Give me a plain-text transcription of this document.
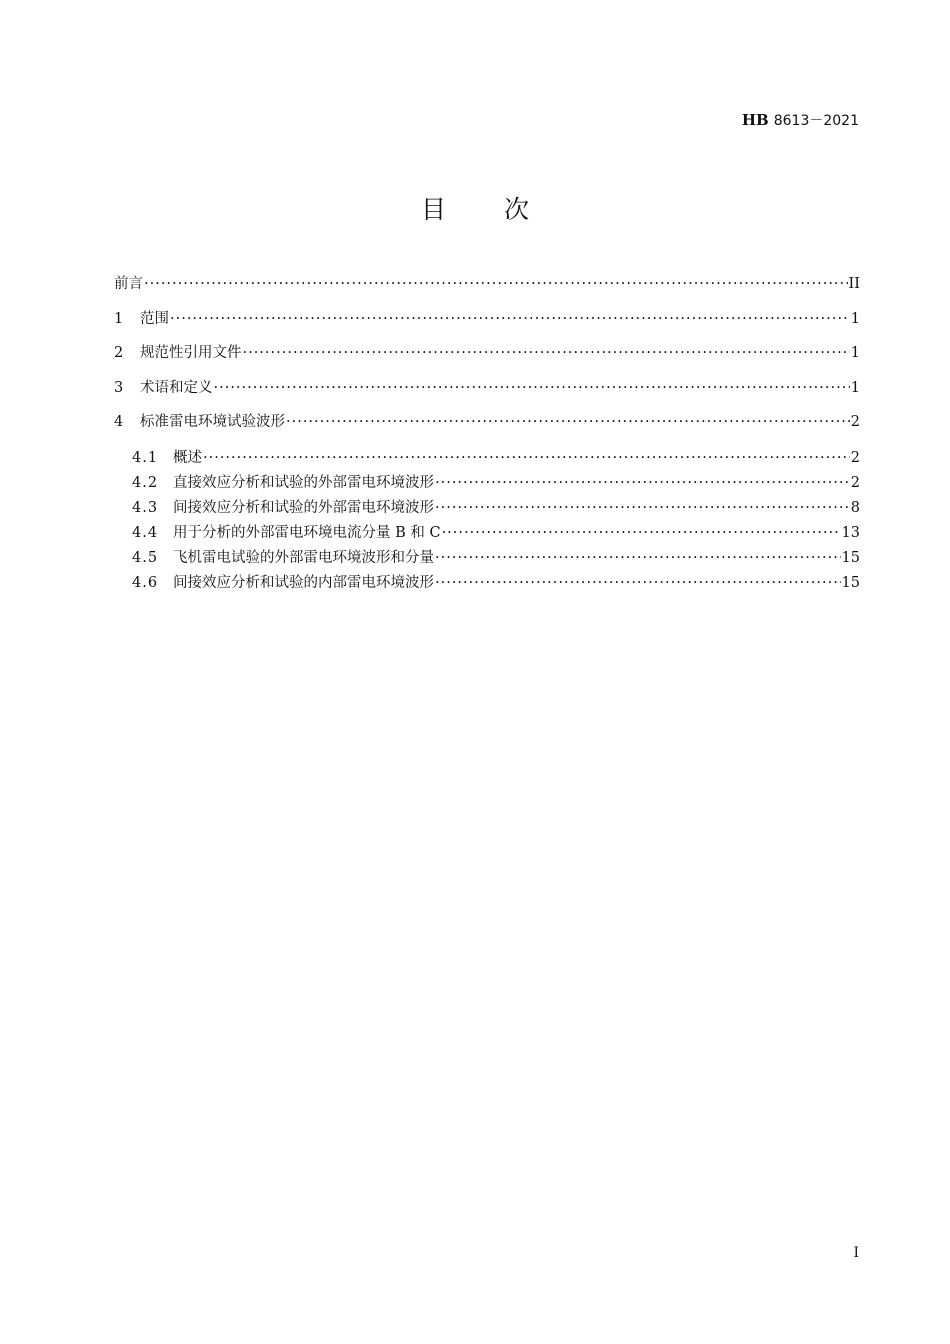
HB 8613－2021
目次
前言 ·····	II
1	范围 ·····	1
2	规范性引用文件 ·····	1
3	术语和定义 ·····	1
4	标准雷电环境试验波形 ·····	2
4.1	概述 ·····	2
4.2	直接效应分析和试验的外部雷电环境波形 ·····	2
4.3	间接效应分析和试验的外部雷电环境波形 ·····	8
4.4	用于分析的外部雷电环境电流分量 B 和 C ·····	13
4.5	飞机雷电试验的外部雷电环境波形和分量 ·····	15
4.6	间接效应分析和试验的内部雷电环境波形 ·····	15
I
